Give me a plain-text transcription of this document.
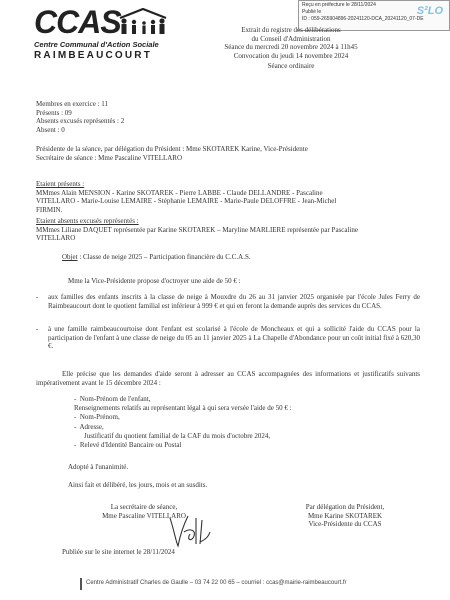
CCAS
Centre Communal d'Action Sociale
RAIMBEAUCOURT
Reçu en préfecture le 28/11/2024
Publié le
ID : 059-265904896-20241120-DCA_20241120_07-DE
S²LO
Extrait du registre des délibérations
du Conseil d'Administration
Séance du mercredi 20 novembre 2024 à 11h45
Convocation du jeudi 14 novembre 2024
Séance ordinaire
Membres en exercice : 11
Présents : 09
Absents excusés représentés : 2
Absent : 0
Présidente de la séance, par délégation du Président : Mme SKOTAREK Karine, Vice-Présidente
Secrétaire de séance : Mme Pascaline VITELLARO
Etaient présents :
MMmes Alain MENSION - Karine SKOTAREK - Pierre LABBE - Claude DELLANDRE - Pascaline
VITELLARO - Marie-Louise LEMAIRE - Stéphanie LEMAIRE - Marie-Paule DELOFFRE - Jean-Michel
FIRMIN.
Etaient absents excusés représentés :
MMmes Liliane DAQUET représentée par Karine SKOTAREK – Maryline MARLIERE représentée par Pascaline
VITELLARO
Objet : Classe de neige 2025 – Participation financière du C.C.A.S.
Mme la Vice-Présidente propose d'octroyer une aide de 50 € :
- aux familles des enfants inscrits à la classe de neige à Mouxdre du 26 au 31 janvier 2025 organisée par l'école Jules Ferry de Raimbeaucourt dont le quotient familial est inférieur à 999 € et qui en feront la demande auprès des services du CCAS.
- à une famille raimbeaucourtoise dont l'enfant est scolarisé à l'école de Moncheaux et qui a sollicité l'aide du CCAS pour la participation de l'enfant à une classe de neige du 05 au 11 janvier 2025 à La Chapelle d'Abondance pour un coût initial fixé à 620,30 €.
Elle précise que les demandes d'aide seront à adresser au CCAS accompagnées des informations et justificatifs suivants impérativement avant le 15 décembre 2024 :
-  Nom-Prénom de l'enfant,
Renseignements relatifs au représentant légal à qui sera versée l'aide de 50 € :
-  Nom-Prénom,
-  Adresse,
Justificatif du quotient familial de la CAF du mois d'octobre 2024,
-  Relevé d'Identité Bancaire ou Postal
Adopté à l'unanimité.
Ainsi fait et délibéré, les jours, mois et an susdits.
La secrétaire de séance,
Mme Pascaline VITELLARO
Par délégation du Président,
Mme Karine SKOTAREK
Vice-Présidente du CCAS
Publiée sur le site internet le 28/11/2024
Centre Administratif Charles de Gaulle – 03 74 22 00 65 – courriel : ccas@mairie-raimbeaucourt.fr
